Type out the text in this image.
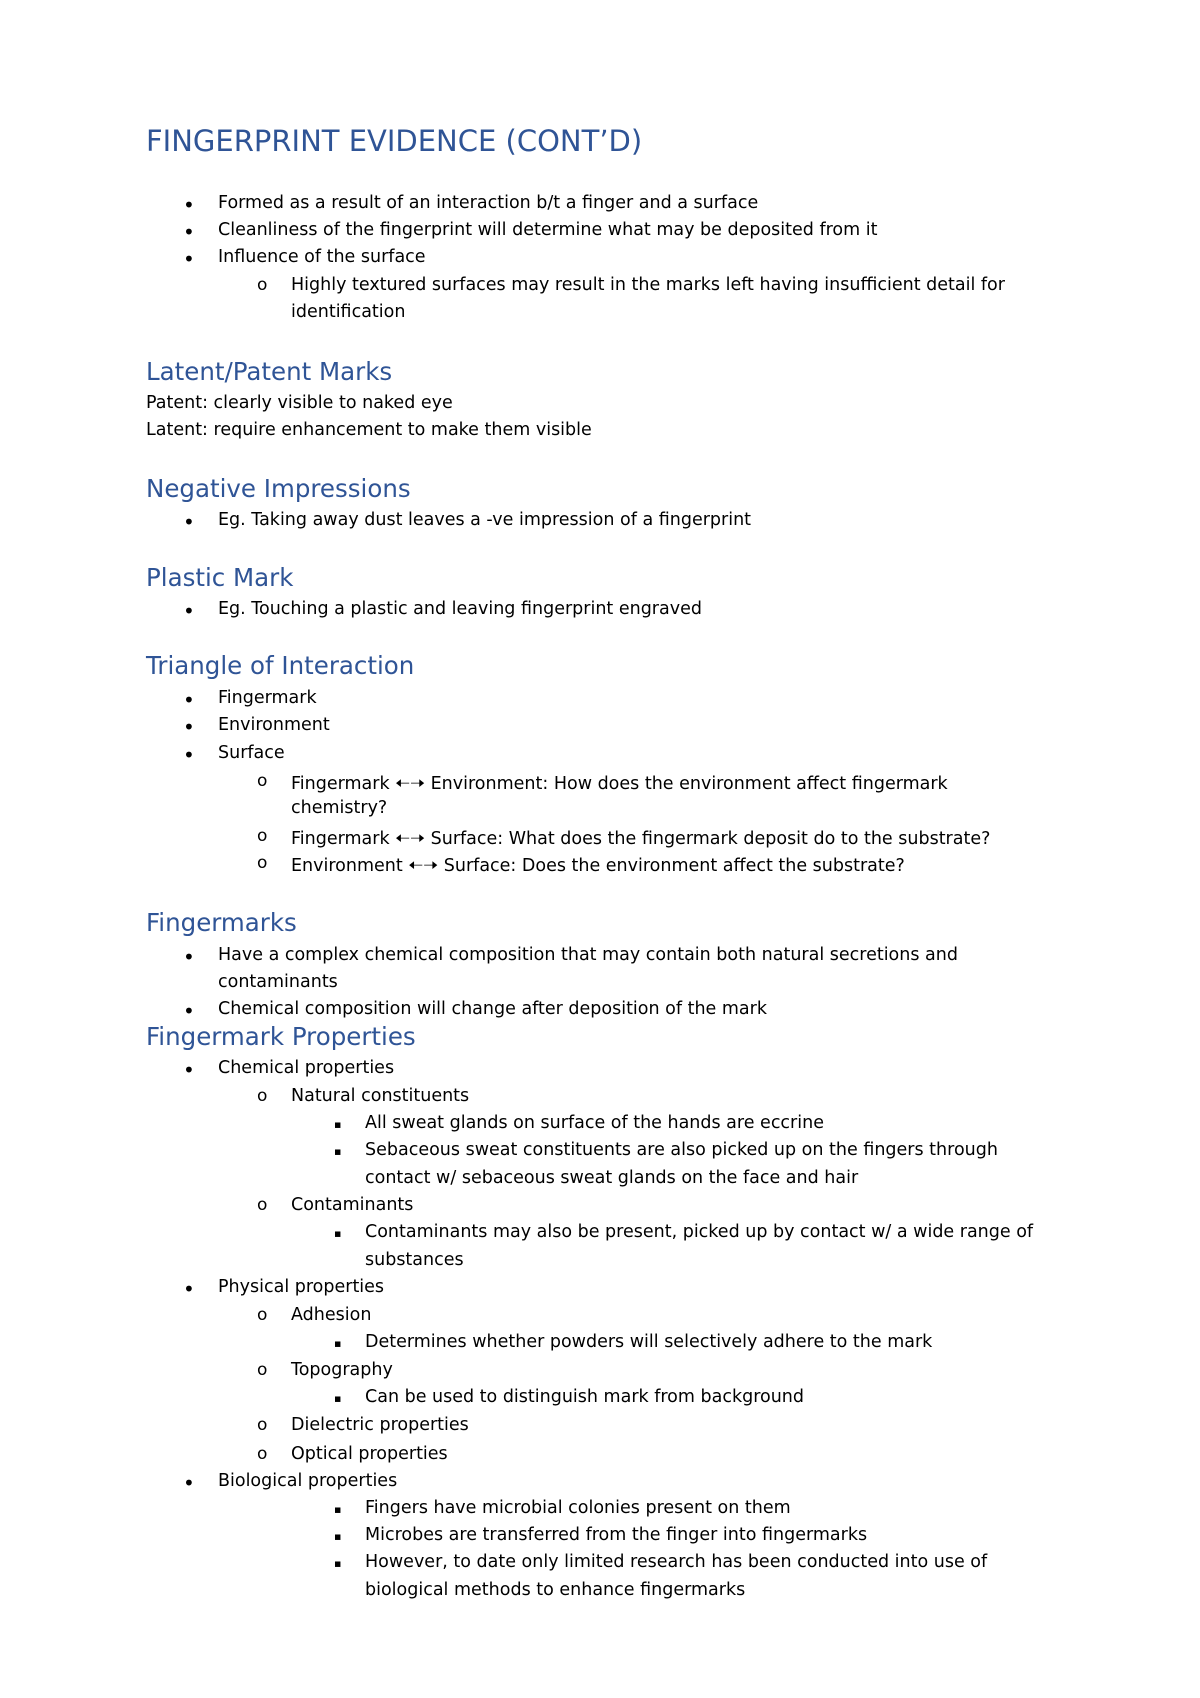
FINGERPRINT EVIDENCE (CONT’D)
• Formed as a result of an interaction b/t a finger and a surface
• Cleanliness of the fingerprint will determine what may be deposited from it
• Influence of the surface
o Highly textured surfaces may result in the marks left having insufficient detail for
identification
Latent/Patent Marks

Patent: clearly visible to naked eye

Latent: require enhancement to make them visible

Negative Impressions
• Eg. Taking away dust leaves a -ve impression of a fingerprint
Plastic Mark
• Eg. Touching a plastic and leaving fingerprint engraved
Triangle of Interaction
• Fingermark
• Environment
• Surface
o Fingermark 🠠🠢 Environment: How does the environment affect fingermark
chemistry?
o Fingermark 🠠🠢 Surface: What does the fingermark deposit do to the substrate?
o Environment 🠠🠢 Surface: Does the environment affect the substrate?
Fingermarks
• Have a complex chemical composition that may contain both natural secretions and
contaminants
• Chemical composition will change after deposition of the mark
Fingermark Properties
• Chemical properties
o Natural constituents
▪ All sweat glands on surface of the hands are eccrine
▪ Sebaceous sweat constituents are also picked up on the fingers through
contact w/ sebaceous sweat glands on the face and hair
o Contaminants
▪ Contaminants may also be present, picked up by contact w/ a wide range of
substances
• Physical properties
o Adhesion
▪ Determines whether powders will selectively adhere to the mark
o Topography
▪ Can be used to distinguish mark from background
o Dielectric properties
o Optical properties
• Biological properties
▪ Fingers have microbial colonies present on them
▪ Microbes are transferred from the finger into fingermarks
▪ However, to date only limited research has been conducted into use of
biological methods to enhance fingermarks
